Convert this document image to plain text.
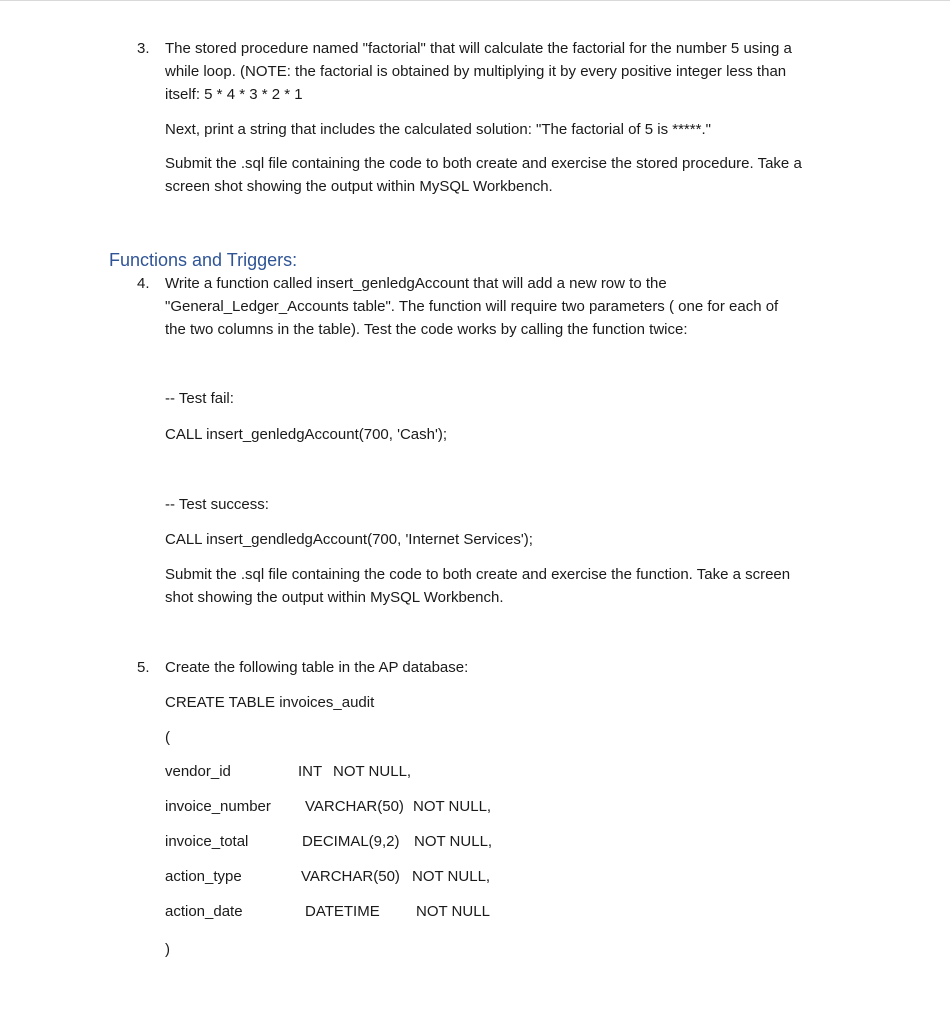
3. The stored procedure named "factorial" that will calculate the factorial for the number 5 using a
while loop. (NOTE: the factorial is obtained by multiplying it by every positive integer less than
itself: 5 * 4 * 3 * 2 * 1
Next, print a string that includes the calculated solution: "The factorial of 5 is *****."
Submit the .sql file containing the code to both create and exercise the stored procedure. Take a
screen shot showing the output within MySQL Workbench.
Functions and Triggers:
4. Write a function called insert_genledgAccount that will add a new row to the
"General_Ledger_Accounts table". The function will require two parameters ( one for each of
the two columns in the table). Test the code works by calling the function twice:
-- Test fail:
CALL insert_genledgAccount(700, 'Cash');
-- Test success:
CALL insert_gendledgAccount(700, 'Internet Services');
Submit the .sql file containing the code to both create and exercise the function. Take a screen
shot showing the output within MySQL Workbench.
5. Create the following table in the AP database:
CREATE TABLE invoices_audit
(
vendor_id	INT NOT NULL,
invoice_number VARCHAR(50) NOT NULL,
invoice_total	DECIMAL(9,2) NOT NULL,
action_type	VARCHAR(50) NOT NULL,
action_date	DATETIME NOT NULL
)
